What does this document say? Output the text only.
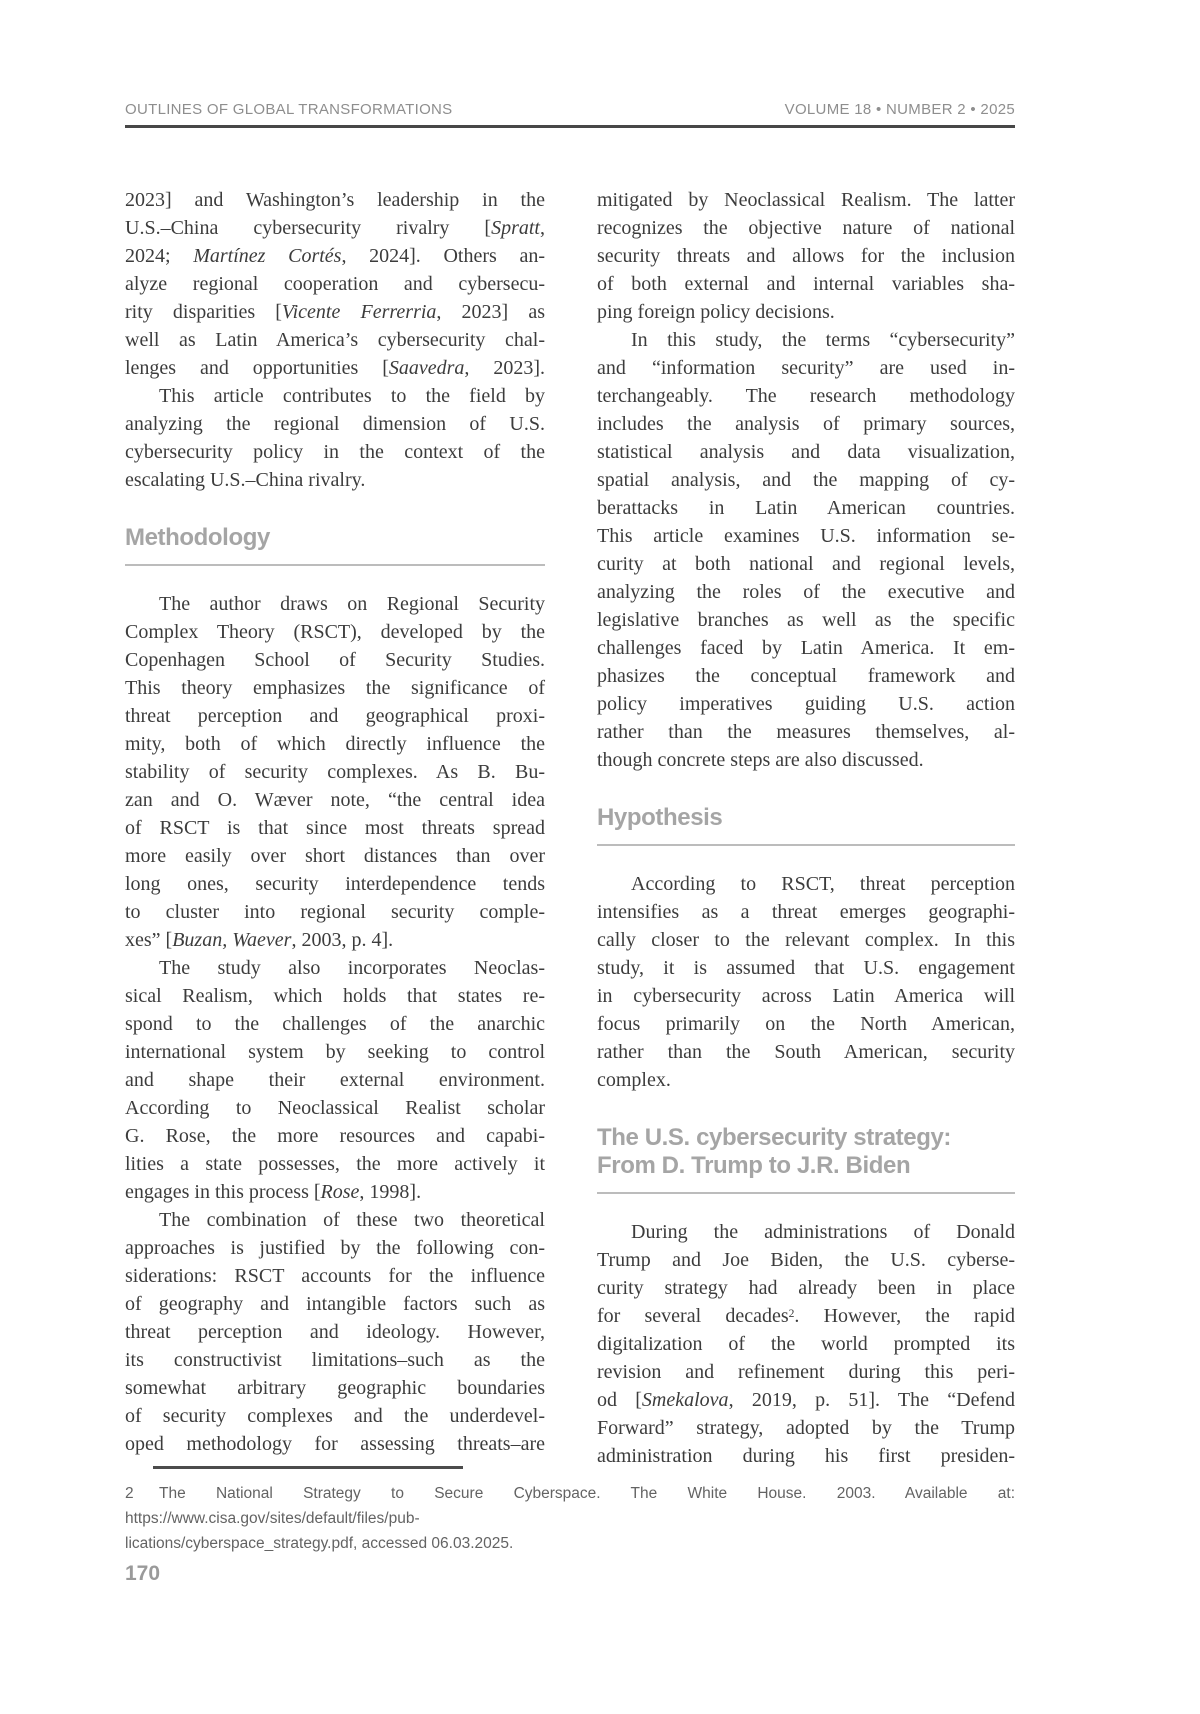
OUTLINES OF GLOBAL TRANSFORMATIONS	VOLUME 18 • NUMBER 2 • 2025

2023] and Washington’s leadership in the
U.S.–China cybersecurity rivalry [Spratt,
2024; Martínez Cortés, 2024]. Others an-
alyze regional cooperation and cybersecu-
rity disparities [Vicente Ferrerria, 2023] as
well as Latin America’s cybersecurity chal-
lenges and opportunities [Saavedra, 2023].

This article contributes to the field by
analyzing the regional dimension of U.S.
cybersecurity policy in the context of the
escalating U.S.–China rivalry.

Methodology

The author draws on Regional Security
Complex Theory (RSCT), developed by the
Copenhagen School of Security Studies.
This theory emphasizes the significance of
threat perception and geographical proxi-
mity, both of which directly influence the
stability of security complexes. As B. Bu-
zan and O. Wæver note, “the central idea
of RSCT is that since most threats spread
more easily over short distances than over
long ones, security interdependence tends
to cluster into regional security comple-
xes” [Buzan, Waever, 2003, p. 4].

The study also incorporates Neoclas-
sical Realism, which holds that states re-
spond to the challenges of the anarchic
international system by seeking to control
and shape their external environment.
According to Neoclassical Realist scholar
G. Rose, the more resources and capabi-
lities a state possesses, the more actively it
engages in this process [Rose, 1998].

The combination of these two theoretical
approaches is justified by the following con-
siderations: RSCT accounts for the influence
of geography and intangible factors such as
threat perception and ideology. However,
its constructivist limitations–such as the
somewhat arbitrary geographic boundaries
of security complexes and the underdevel-
oped methodology for assessing threats–are

mitigated by Neoclassical Realism. The latter
recognizes the objective nature of national
security threats and allows for the inclusion
of both external and internal variables sha-
ping foreign policy decisions.

In this study, the terms “cybersecurity”
and “information security” are used in-
terchangeably. The research methodology
includes the analysis of primary sources,
statistical analysis and data visualization,
spatial analysis, and the mapping of cy-
berattacks in Latin American countries.
This article examines U.S. information se-
curity at both national and regional levels,
analyzing the roles of the executive and
legislative branches as well as the specific
challenges faced by Latin America. It em-
phasizes the conceptual framework and
policy imperatives guiding U.S. action
rather than the measures themselves, al-
though concrete steps are also discussed.

Hypothesis

According to RSCT, threat perception
intensifies as a threat emerges geographi-
cally closer to the relevant complex. In this
study, it is assumed that U.S. engagement
in cybersecurity across Latin America will
focus primarily on the North American,
rather than the South American, security
complex.

The U.S. cybersecurity strategy:
From D. Trump to J.R. Biden

During the administrations of Donald
Trump and Joe Biden, the U.S. cyberse-
curity strategy had already been in place
for several decades$^2$. However, the rapid
digitalization of the world prompted its
revision and refinement during this peri-
od [Smekalova, 2019, p. 51]. The “Defend
Forward” strategy, adopted by the Trump
administration during his first presiden-

2 The National Strategy to Secure Cyberspace. The White House. 2003. Available at: https://www.cisa.gov/sites/default/files/pub-
lications/cyberspace_strategy.pdf, accessed 06.03.2025.
170
